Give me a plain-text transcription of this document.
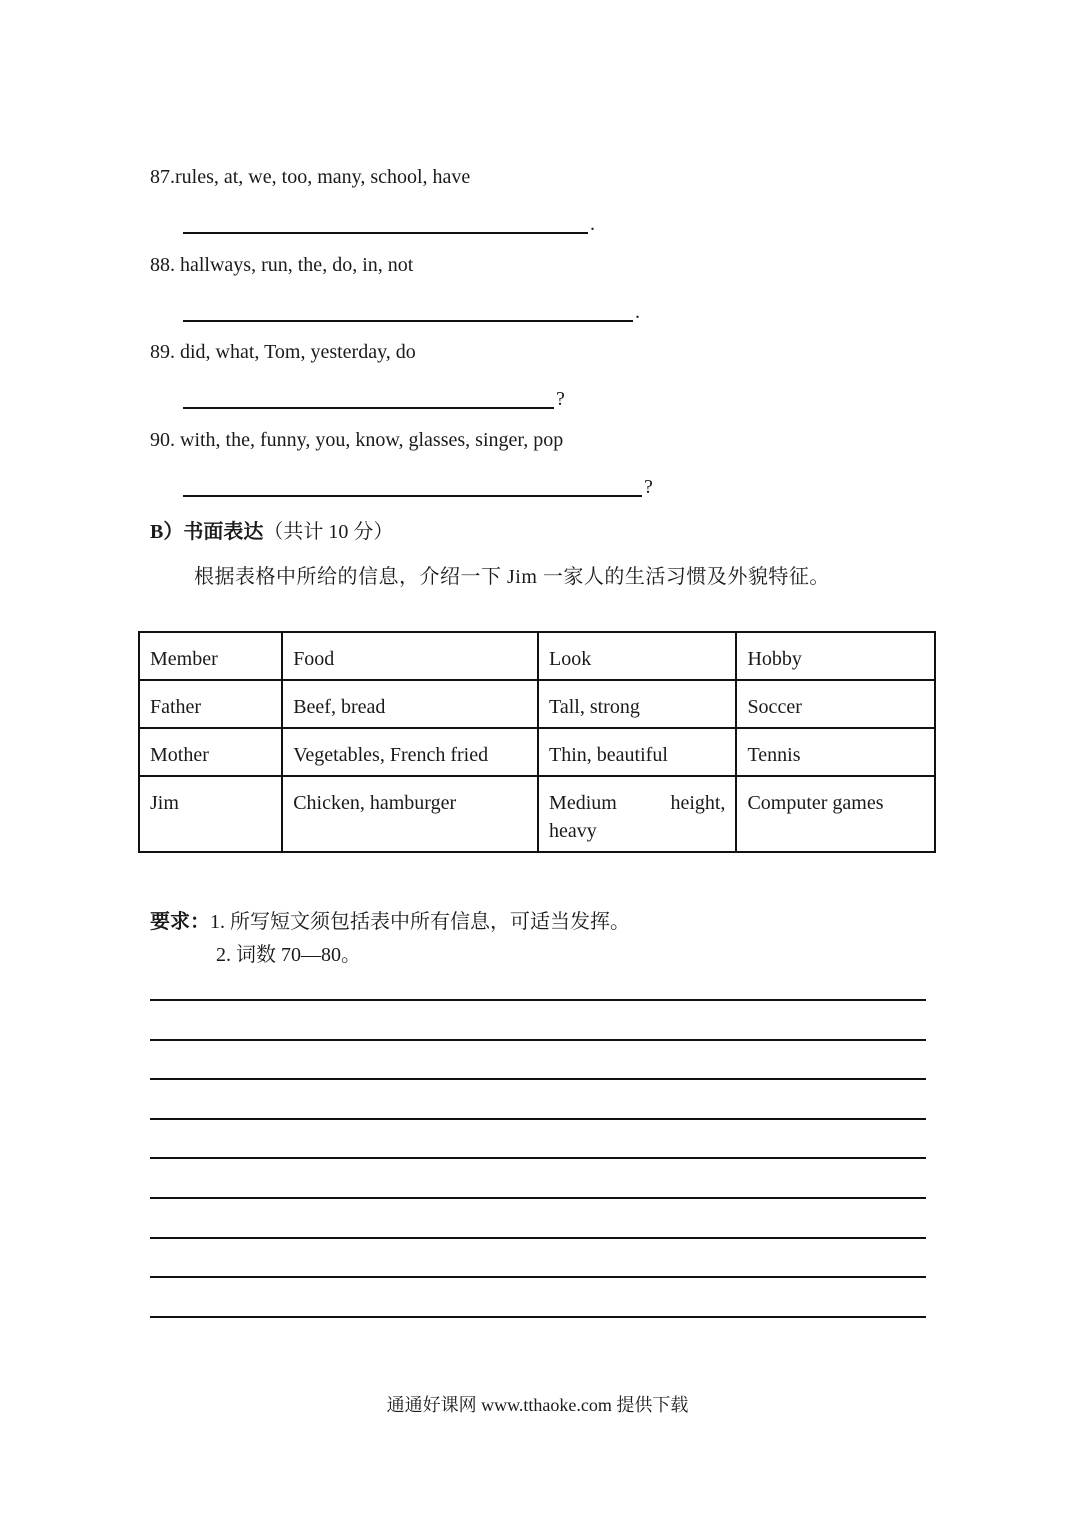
87.rules, at, we, too, many, school, have
.
88. hallways, run, the, do, in, not
.
89. did, what, Tom, yesterday, do
?
90. with, the, funny, you, know, glasses, singer, pop
?
B）书面表达（共计 10 分）
根据表格中所给的信息，介绍一下 Jim 一家人的生活习惯及外貌特征。
Member	Food	Look	Hobby
Father	Beef, bread	Tall, strong	Soccer
Mother	Vegetables, French fried	Thin, beautiful	Tennis
Jim	Chicken, hamburger	Medium height, heavy	Computer games
要求：1. 所写短文须包括表中所有信息，可适当发挥。
2. 词数 70—80。
通通好课网 www.tthaoke.com 提供下载
